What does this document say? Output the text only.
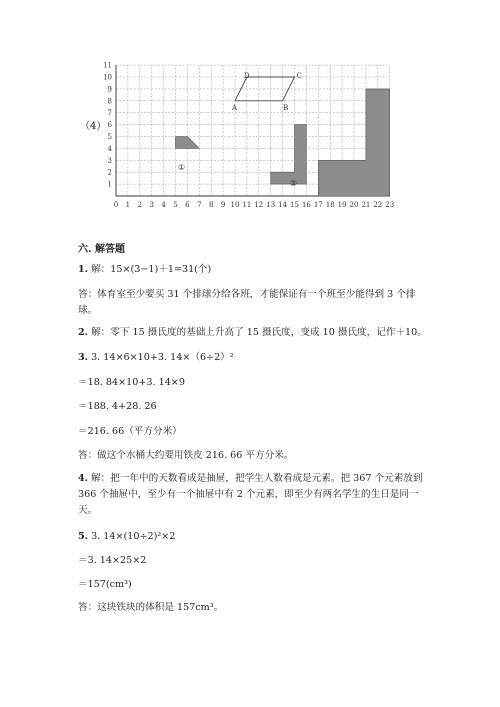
（4）
0 1 2 3 4 5 6 7 8 9 10 11 12 13 14 15 16 17 18 19 20 21 22 23
1
2
3
4
5
6
7
8
9
10
11
A	B
C
D
①
②
六. 解答题
1. 解：15×(3−1)＋1=31(个)
答：体育室至少要买 31 个排球分给各班，才能保证有一个班至少能得到 3 个排球。
2. 解：零下 15 摄氏度的基础上升高了 15 摄氏度，变成 10 摄氏度，记作＋10。
3. 3. 14×6×10+3. 14×（6÷2）²
＝18. 84×10+3. 14×9
＝188. 4+28. 26
＝216. 66（平方分米）
答：做这个水桶大约要用铁皮 216. 66 平方分米。
4. 解：把一年中的天数看成是抽屉，把学生人数看成是元素。把 367 个元素放到 366 个抽屉中，至少有一个抽屉中有 2 个元素，即至少有两名学生的生日是同一天。
5. 3. 14×(10÷2)²×2
＝3. 14×25×2
＝157(cm³)
答：这块铁块的体积是 157cm³。
